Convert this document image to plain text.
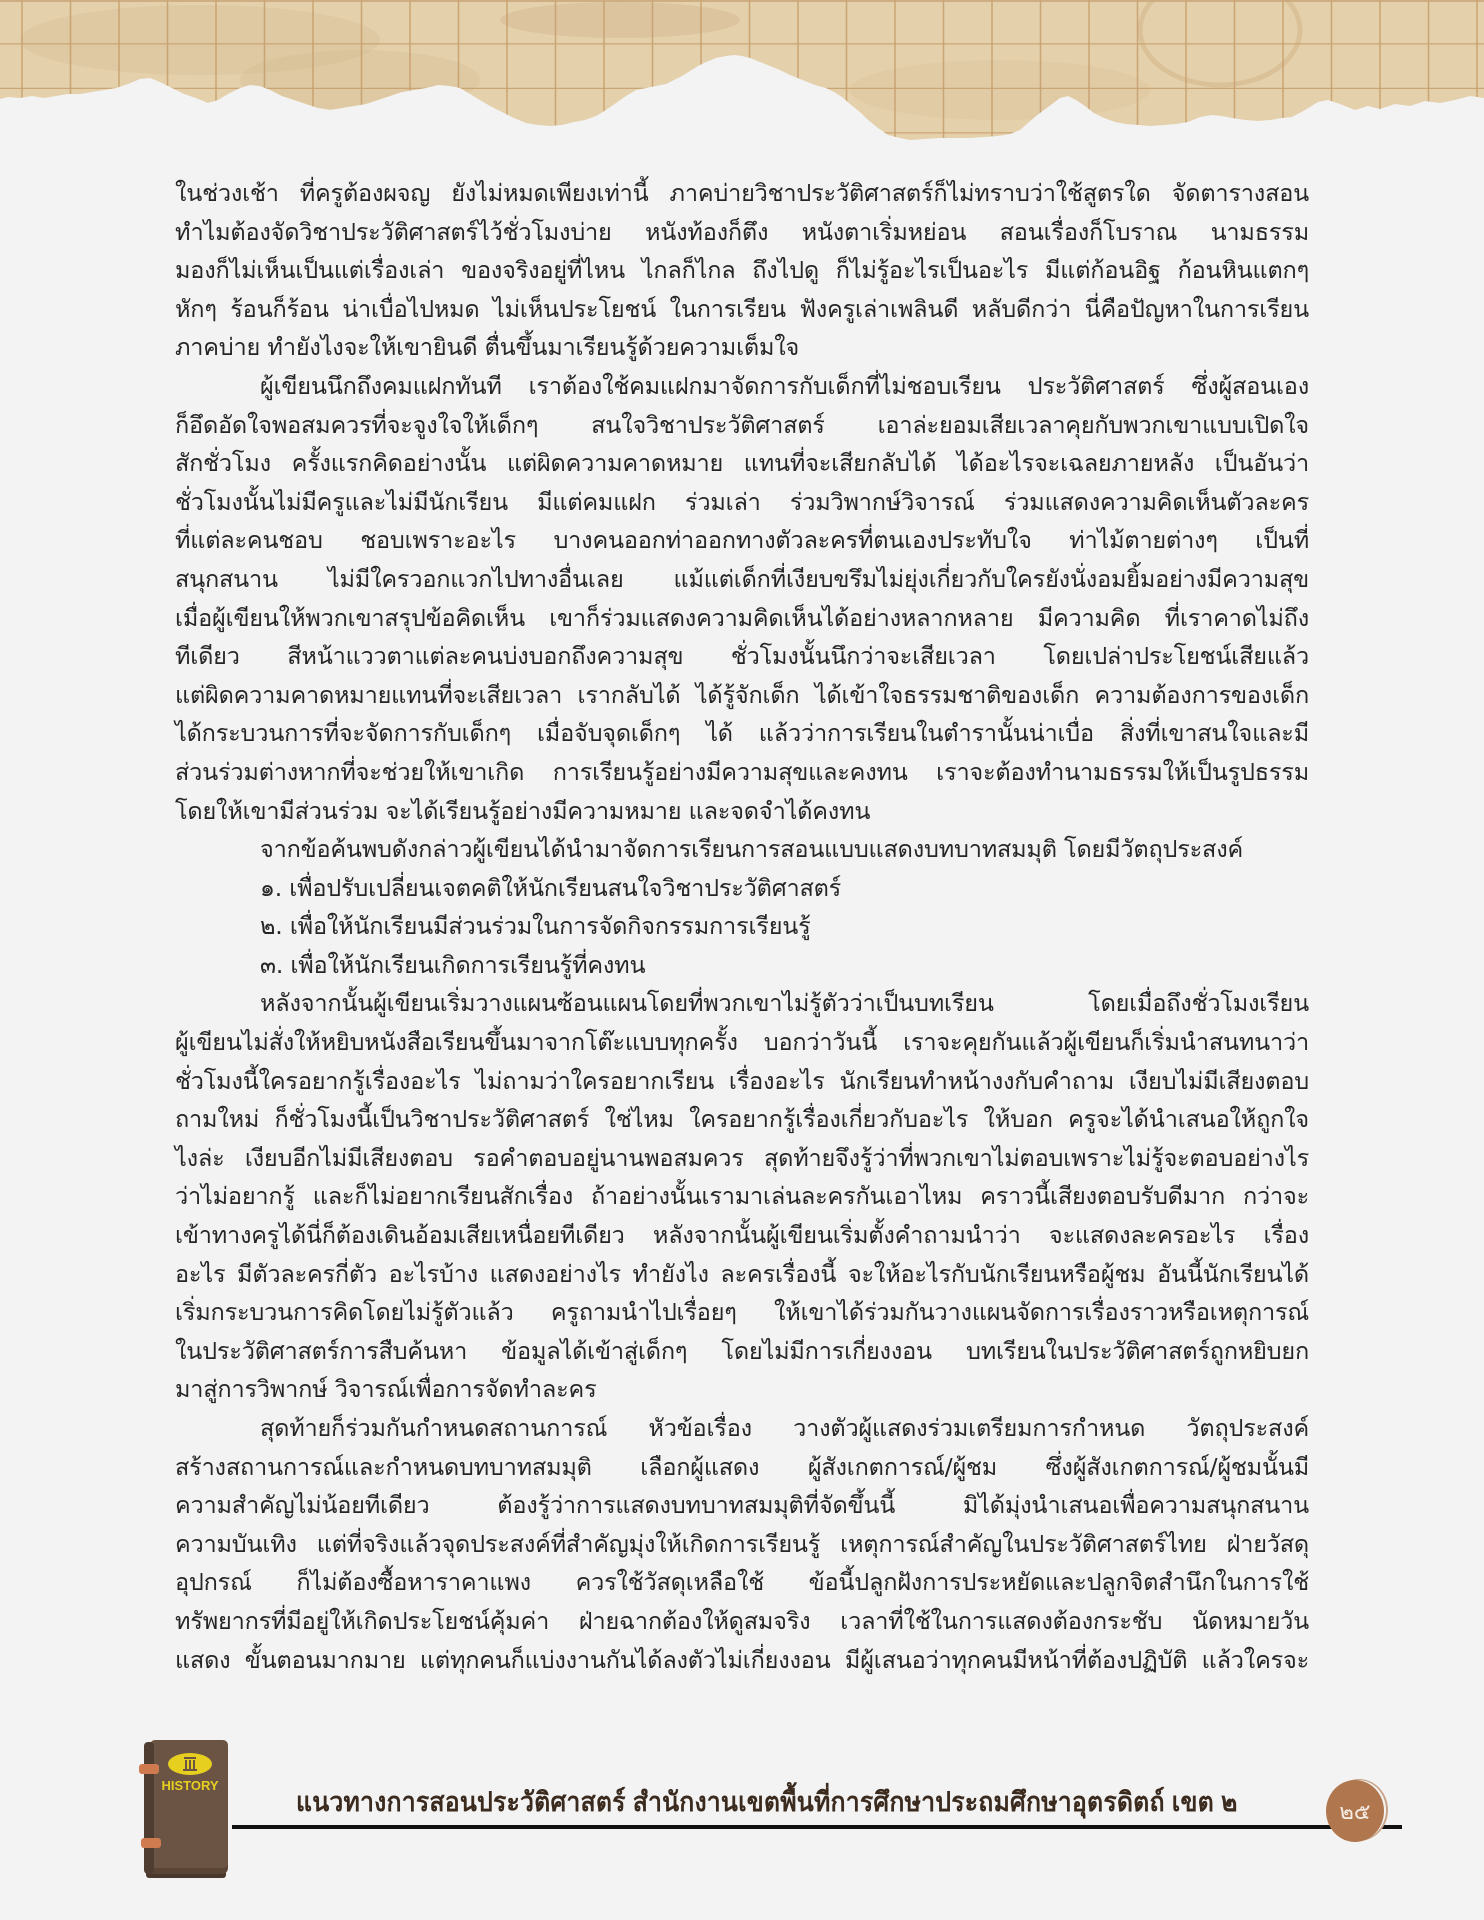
ในช่วงเช้า ที่ครูต้องผจญ ยังไม่หมดเพียงเท่านี้ ภาคบ่ายวิชาประวัติศาสตร์ก็ไม่ทราบว่าใช้สูตรใด จัดตารางสอน
ทำไมต้องจัดวิชาประวัติศาสตร์ไว้ชั่วโมงบ่าย หนังท้องก็ตึง หนังตาเริ่มหย่อน สอนเรื่องก็โบราณ นามธรรม
มองก็ไม่เห็นเป็นแต่เรื่องเล่า ของจริงอยู่ที่ไหน ไกลก็ไกล ถึงไปดู ก็ไม่รู้อะไรเป็นอะไร มีแต่ก้อนอิฐ ก้อนหินแตกๆ
หักๆ ร้อนก็ร้อน น่าเบื่อไปหมด ไม่เห็นประโยชน์ ในการเรียน ฟังครูเล่าเพลินดี หลับดีกว่า นี่คือปัญหาในการเรียน
ภาคบ่าย ทำยังไงจะให้เขายินดี ตื่นขึ้นมาเรียนรู้ด้วยความเต็มใจ
ผู้เขียนนึกถึงคมแฝกทันที เราต้องใช้คมแฝกมาจัดการกับเด็กที่ไม่ชอบเรียน ประวัติศาสตร์ ซึ่งผู้สอนเอง
ก็อึดอัดใจพอสมควรที่จะจูงใจให้เด็กๆ สนใจวิชาประวัติศาสตร์ เอาล่ะยอมเสียเวลาคุยกับพวกเขาแบบเปิดใจ
สักชั่วโมง ครั้งแรกคิดอย่างนั้น แต่ผิดความคาดหมาย แทนที่จะเสียกลับได้ ได้อะไรจะเฉลยภายหลัง เป็นอันว่า
ชั่วโมงนั้นไม่มีครูและไม่มีนักเรียน มีแต่คมแฝก ร่วมเล่า ร่วมวิพากษ์วิจารณ์ ร่วมแสดงความคิดเห็นตัวละคร
ที่แต่ละคนชอบ ชอบเพราะอะไร บางคนออกท่าออกทางตัวละครที่ตนเองประทับใจ ท่าไม้ตายต่างๆ เป็นที่
สนุกสนาน ไม่มีใครวอกแวกไปทางอื่นเลย แม้แต่เด็กที่เงียบขรึมไม่ยุ่งเกี่ยวกับใครยังนั่งอมยิ้มอย่างมีความสุข
เมื่อผู้เขียนให้พวกเขาสรุปข้อคิดเห็น เขาก็ร่วมแสดงความคิดเห็นได้อย่างหลากหลาย มีความคิด ที่เราคาดไม่ถึง
ทีเดียว สีหน้าแววตาแต่ละคนบ่งบอกถึงความสุข ชั่วโมงนั้นนึกว่าจะเสียเวลา โดยเปล่าประโยชน์เสียแล้ว
แต่ผิดความคาดหมายแทนที่จะเสียเวลา เรากลับได้ ได้รู้จักเด็ก ได้เข้าใจธรรมชาติของเด็ก ความต้องการของเด็ก
ได้กระบวนการที่จะจัดการกับเด็กๆ เมื่อจับจุดเด็กๆ ได้ แล้วว่าการเรียนในตำรานั้นน่าเบื่อ สิ่งที่เขาสนใจและมี
ส่วนร่วมต่างหากที่จะช่วยให้เขาเกิด การเรียนรู้อย่างมีความสุขและคงทน เราจะต้องทำนามธรรมให้เป็นรูปธรรม
โดยให้เขามีส่วนร่วม จะได้เรียนรู้อย่างมีความหมาย และจดจำได้คงทน
จากข้อค้นพบดังกล่าวผู้เขียนได้นำมาจัดการเรียนการสอนแบบแสดงบทบาทสมมุติ โดยมีวัตถุประสงค์
๑. เพื่อปรับเปลี่ยนเจตคติให้นักเรียนสนใจวิชาประวัติศาสตร์
๒. เพื่อให้นักเรียนมีส่วนร่วมในการจัดกิจกรรมการเรียนรู้
๓. เพื่อให้นักเรียนเกิดการเรียนรู้ที่คงทน
หลังจากนั้นผู้เขียนเริ่มวางแผนซ้อนแผนโดยที่พวกเขาไม่รู้ตัวว่าเป็นบทเรียน โดยเมื่อถึงชั่วโมงเรียน
ผู้เขียนไม่สั่งให้หยิบหนังสือเรียนขึ้นมาจากโต๊ะแบบทุกครั้ง บอกว่าวันนี้ เราจะคุยกันแล้วผู้เขียนก็เริ่มนำสนทนาว่า
ชั่วโมงนี้ใครอยากรู้เรื่องอะไร ไม่ถามว่าใครอยากเรียน เรื่องอะไร นักเรียนทำหน้างงกับคำถาม เงียบไม่มีเสียงตอบ
ถามใหม่ ก็ชั่วโมงนี้เป็นวิชาประวัติศาสตร์ ใช่ไหม ใครอยากรู้เรื่องเกี่ยวกับอะไร ให้บอก ครูจะได้นำเสนอให้ถูกใจ
ไงล่ะ เงียบอีกไม่มีเสียงตอบ รอคำตอบอยู่นานพอสมควร สุดท้ายจึงรู้ว่าที่พวกเขาไม่ตอบเพราะไม่รู้จะตอบอย่างไร
ว่าไม่อยากรู้ และก็ไม่อยากเรียนสักเรื่อง ถ้าอย่างนั้นเรามาเล่นละครกันเอาไหม คราวนี้เสียงตอบรับดีมาก กว่าจะ
เข้าทางครูได้นี่ก็ต้องเดินอ้อมเสียเหนื่อยทีเดียว หลังจากนั้นผู้เขียนเริ่มตั้งคำถามนำว่า จะแสดงละครอะไร เรื่อง
อะไร มีตัวละครกี่ตัว อะไรบ้าง แสดงอย่างไร ทำยังไง ละครเรื่องนี้ จะให้อะไรกับนักเรียนหรือผู้ชม อันนี้นักเรียนได้
เริ่มกระบวนการคิดโดยไม่รู้ตัวแล้ว ครูถามนำไปเรื่อยๆ ให้เขาได้ร่วมกันวางแผนจัดการเรื่องราวหรือเหตุการณ์
ในประวัติศาสตร์การสืบค้นหา ข้อมูลได้เข้าสู่เด็กๆ โดยไม่มีการเกี่ยงงอน บทเรียนในประวัติศาสตร์ถูกหยิบยก
มาสู่การวิพากษ์ วิจารณ์เพื่อการจัดทำละคร
สุดท้ายก็ร่วมกันกำหนดสถานการณ์ หัวข้อเรื่อง วางตัวผู้แสดงร่วมเตรียมการกำหนด วัตถุประสงค์
สร้างสถานการณ์และกำหนดบทบาทสมมุติ เลือกผู้แสดง ผู้สังเกตการณ์/ผู้ชม ซึ่งผู้สังเกตการณ์/ผู้ชมนั้นมี
ความสำคัญไม่น้อยทีเดียว ต้องรู้ว่าการแสดงบทบาทสมมุติที่จัดขึ้นนี้ มิได้มุ่งนำเสนอเพื่อความสนุกสนาน
ความบันเทิง แต่ที่จริงแล้วจุดประสงค์ที่สำคัญมุ่งให้เกิดการเรียนรู้ เหตุการณ์สำคัญในประวัติศาสตร์ไทย ฝ่ายวัสดุ
อุปกรณ์ ก็ไม่ต้องซื้อหาราคาแพง ควรใช้วัสดุเหลือใช้ ข้อนี้ปลูกฝังการประหยัดและปลูกจิตสำนึกในการใช้
ทรัพยากรที่มีอยู่ให้เกิดประโยชน์คุ้มค่า ฝ่ายฉากต้องให้ดูสมจริง เวลาที่ใช้ในการแสดงต้องกระชับ นัดหมายวัน
แสดง ขั้นตอนมากมาย แต่ทุกคนก็แบ่งงานกันได้ลงตัวไม่เกี่ยงงอน มีผู้เสนอว่าทุกคนมีหน้าที่ต้องปฏิบัติ แล้วใครจะ
HISTORY
แนวทางการสอนประวัติศาสตร์ สำนักงานเขตพื้นที่การศึกษาประถมศึกษาอุตรดิตถ์ เขต ๒	๒๕
